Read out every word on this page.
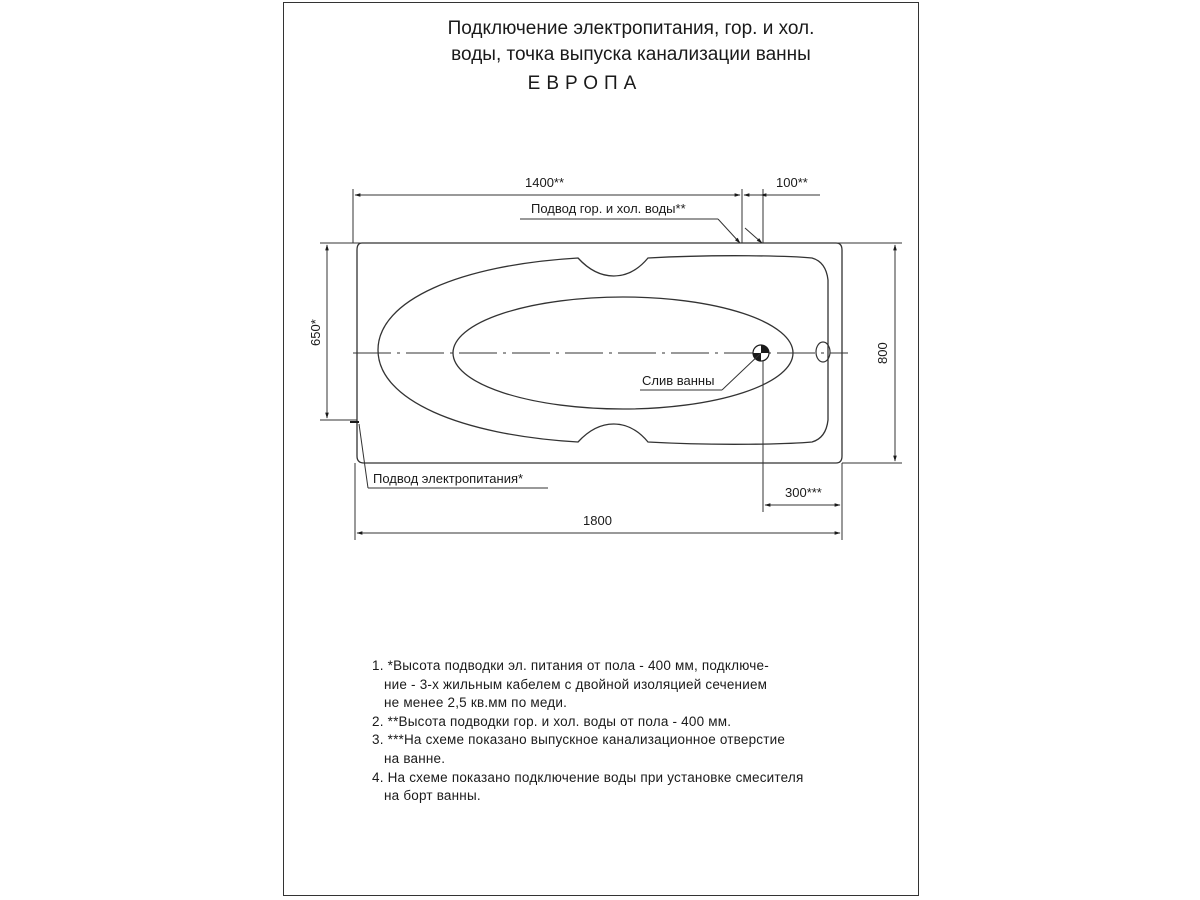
Подключение электропитания, гор. и хол.
воды, точка выпуска канализации ванны
ЕВРОПА
1400**	100**
Подвод гор. и хол. воды**
650*
800
Подвод электропитания*
300***
1800
Слив ванны
1. *Высота подводки эл. питания от пола - 400 мм, подключе-
ние - 3-х жильным кабелем с двойной изоляцией сечением
не менее 2,5 кв.мм по меди.
2. **Высота подводки гор. и хол. воды от пола - 400 мм.
3. ***На схеме показано выпускное канализационное отверстие
на ванне.
4. На схеме показано подключение воды при установке смесителя
на борт ванны.
